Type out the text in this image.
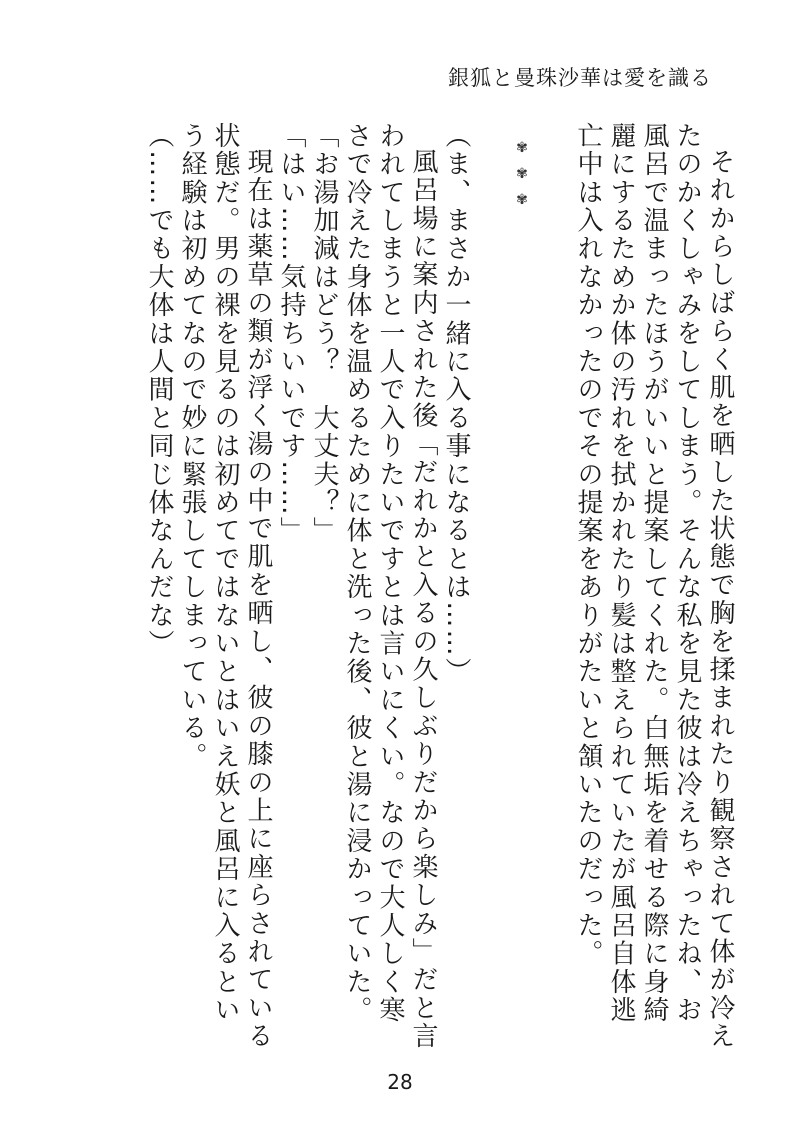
銀狐と曼珠沙華は愛を識る

それからしばらく肌を晒した状態で胸を揉まれたり観察されて体が冷えたのかくしゃみをしてしまう。そんな私を見た彼は冷えちゃったね、お風呂で温まったほうがいいと提案してくれた。白無垢を着せる際に身綺麗にするためか体の汚れを拭かれたり髪は整えられていたが風呂自体逃亡中は入れなかったのでその提案をありがたいと頷いたのだった。

✾✾✾

（ま、まさか一緒に入る事になるとは……）

風呂場に案内された後「だれかと入るの久しぶりだから楽しみ」だと言われてしまうと一人で入りたいですとは言いにくい。なので大人しく寒さで冷えた身体を温めるために体と洗った後、彼と湯に浸かっていた。

「お湯加減はどう？　大丈夫？」

「はい……気持ちいいです……」

現在は薬草の類が浮く湯の中で肌を晒し、彼の膝の上に座らされている状態だ。男の裸を見るのは初めてではないとはいえ妖と風呂に入るという経験は初めてなので妙に緊張してしまっている。

（……でも大体は人間と同じ体なんだな）

28
